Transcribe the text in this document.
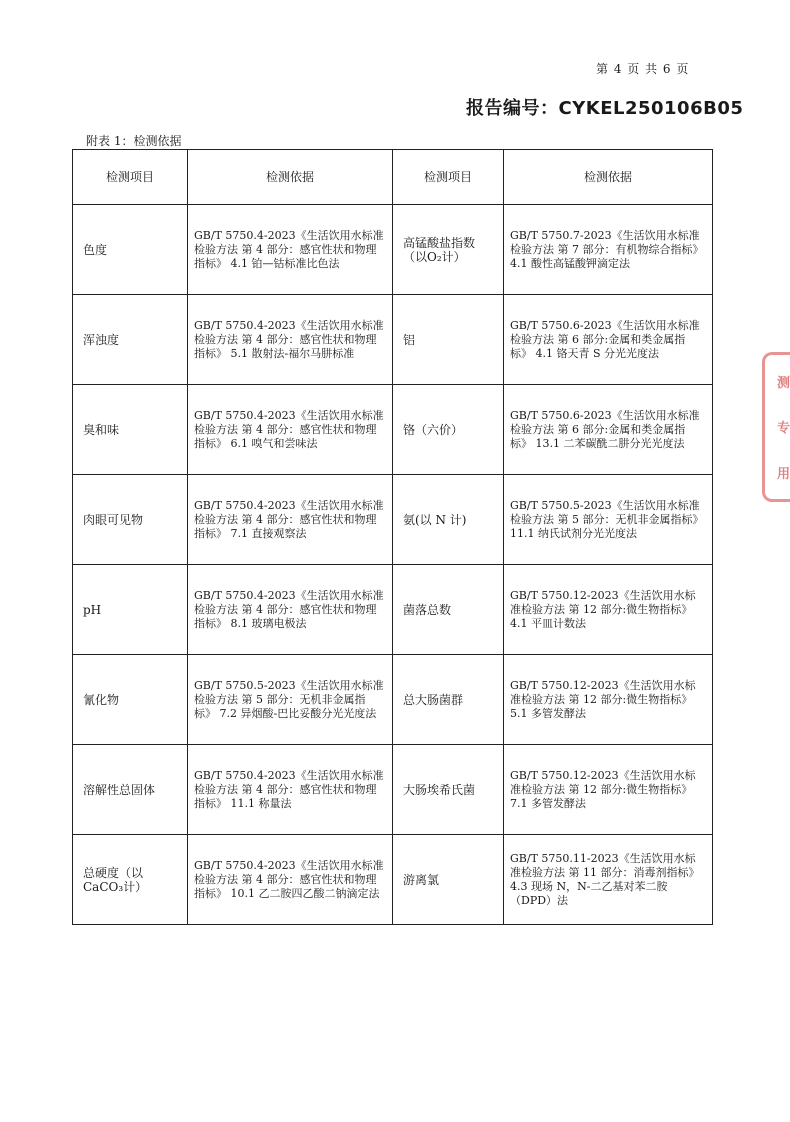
第 4 页 共 6 页
报告编号：CYKEL250106B05
附表 1：检测依据
检测项目	检测依据	检测项目	检测依据
色度	GB/T 5750.4-2023《生活饮用水标准检验方法 第 4 部分：感官性状和物理指标》 4.1 铂—钴标准比色法	高锰酸盐指数（以O₂计）	GB/T 5750.7-2023《生活饮用水标准检验方法 第 7 部分：有机物综合指标》 4.1 酸性高锰酸钾滴定法
浑浊度	GB/T 5750.4-2023《生活饮用水标准检验方法 第 4 部分：感官性状和物理指标》 5.1 散射法-福尔马肼标准	铝	GB/T 5750.6-2023《生活饮用水标准检验方法 第 6 部分:金属和类金属指标》 4.1 铬天青 S 分光光度法
臭和味	GB/T 5750.4-2023《生活饮用水标准检验方法 第 4 部分：感官性状和物理指标》 6.1 嗅气和尝味法	铬（六价）	GB/T 5750.6-2023《生活饮用水标准检验方法 第 6 部分:金属和类金属指标》 13.1 二苯碳酰二肼分光光度法
肉眼可见物	GB/T 5750.4-2023《生活饮用水标准检验方法 第 4 部分：感官性状和物理指标》 7.1 直接观察法	氨(以 N 计)	GB/T 5750.5-2023《生活饮用水标准检验方法 第 5 部分：无机非金属指标》 11.1 纳氏试剂分光光度法
pH	GB/T 5750.4-2023《生活饮用水标准检验方法 第 4 部分：感官性状和物理指标》 8.1 玻璃电极法	菌落总数	GB/T 5750.12-2023《生活饮用水标准检验方法 第 12 部分:微生物指标》 4.1 平皿计数法
氰化物	GB/T 5750.5-2023《生活饮用水标准检验方法 第 5 部分：无机非金属指标》 7.2 异烟酸-巴比妥酸分光光度法	总大肠菌群	GB/T 5750.12-2023《生活饮用水标准检验方法 第 12 部分:微生物指标》 5.1 多管发酵法
溶解性总固体	GB/T 5750.4-2023《生活饮用水标准检验方法 第 4 部分：感官性状和物理指标》 11.1 称量法	大肠埃希氏菌	GB/T 5750.12-2023《生活饮用水标准检验方法 第 12 部分:微生物指标》 7.1 多管发酵法
总硬度（以 CaCO₃计）	GB/T 5750.4-2023《生活饮用水标准检验方法 第 4 部分：感官性状和物理指标》 10.1 乙二胺四乙酸二钠滴定法	游离氯	GB/T 5750.11-2023《生活饮用水标准检验方法 第 11 部分：消毒剂指标》 4.3 现场 N，N-二乙基对苯二胺（DPD）法
测
专
用
